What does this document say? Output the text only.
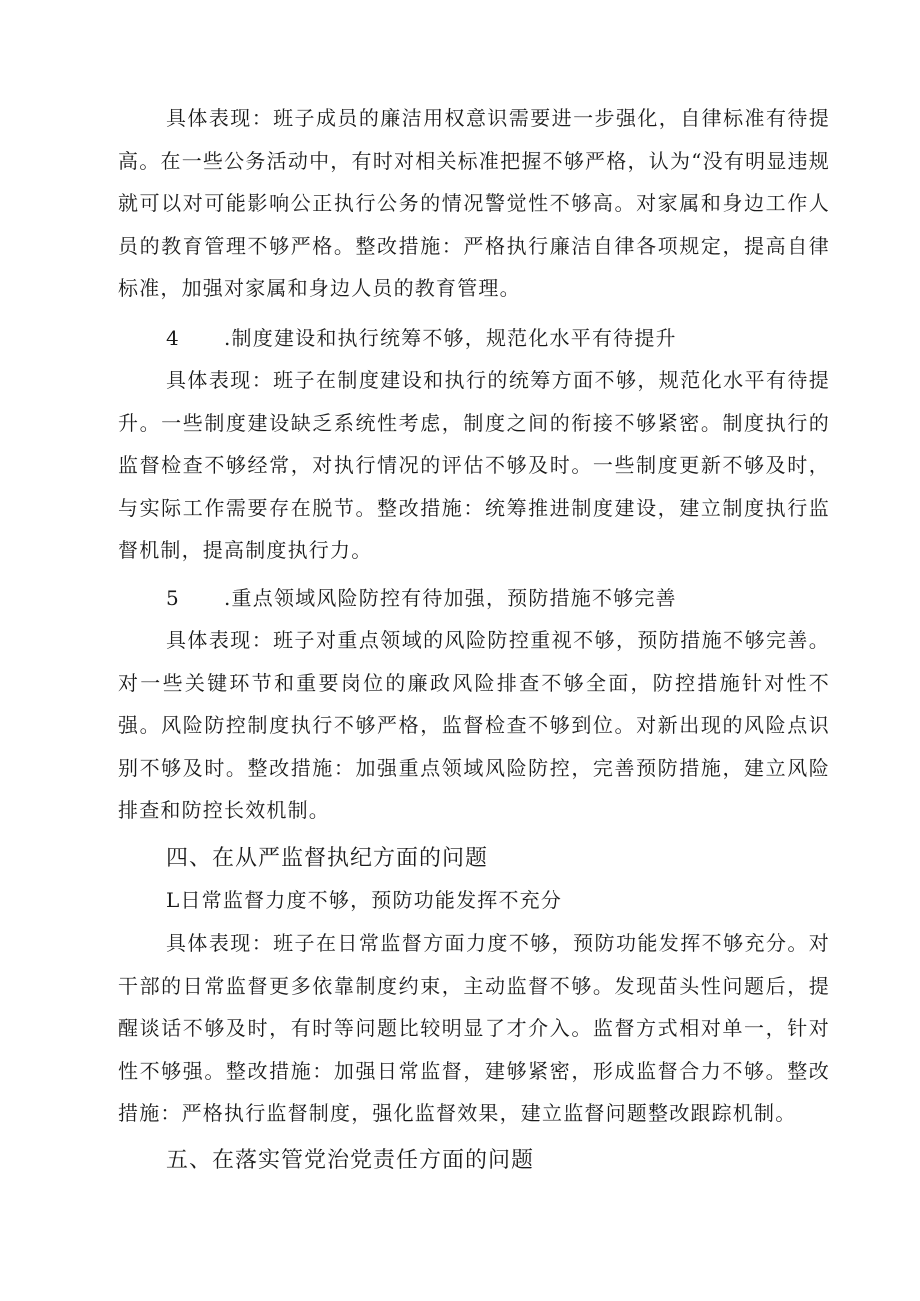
具体表现：班子成员的廉洁用权意识需要进一步强化，自律标准有待提高。在一些公务活动中，有时对相关标准把握不够严格，认为“没有明显违规就可以对可能影响公正执行公务的情况警觉性不够高。对家属和身边工作人员的教育管理不够严格。整改措施：严格执行廉洁自律各项规定，提高自律标准，加强对家属和身边人员的教育管理。

4 .制度建设和执行统筹不够，规范化水平有待提升

具体表现：班子在制度建设和执行的统筹方面不够，规范化水平有待提升。一些制度建设缺乏系统性考虑，制度之间的衔接不够紧密。制度执行的监督检查不够经常，对执行情况的评估不够及时。一些制度更新不够及时，与实际工作需要存在脱节。整改措施：统筹推进制度建设，建立制度执行监督机制，提高制度执行力。

5 .重点领域风险防控有待加强，预防措施不够完善

具体表现：班子对重点领域的风险防控重视不够，预防措施不够完善。对一些关键环节和重要岗位的廉政风险排查不够全面，防控措施针对性不强。风险防控制度执行不够严格，监督检查不够到位。对新出现的风险点识别不够及时。整改措施：加强重点领域风险防控，完善预防措施，建立风险排查和防控长效机制。

四、在从严监督执纪方面的问题

L日常监督力度不够，预防功能发挥不充分

具体表现：班子在日常监督方面力度不够，预防功能发挥不够充分。对干部的日常监督更多依靠制度约束，主动监督不够。发现苗头性问题后，提醒谈话不够及时，有时等问题比较明显了才介入。监督方式相对单一，针对性不够强。整改措施：加强日常监督，建够紧密，形成监督合力不够。整改措施：严格执行监督制度，强化监督效果，建立监督问题整改跟踪机制。

五、在落实管党治党责任方面的问题
